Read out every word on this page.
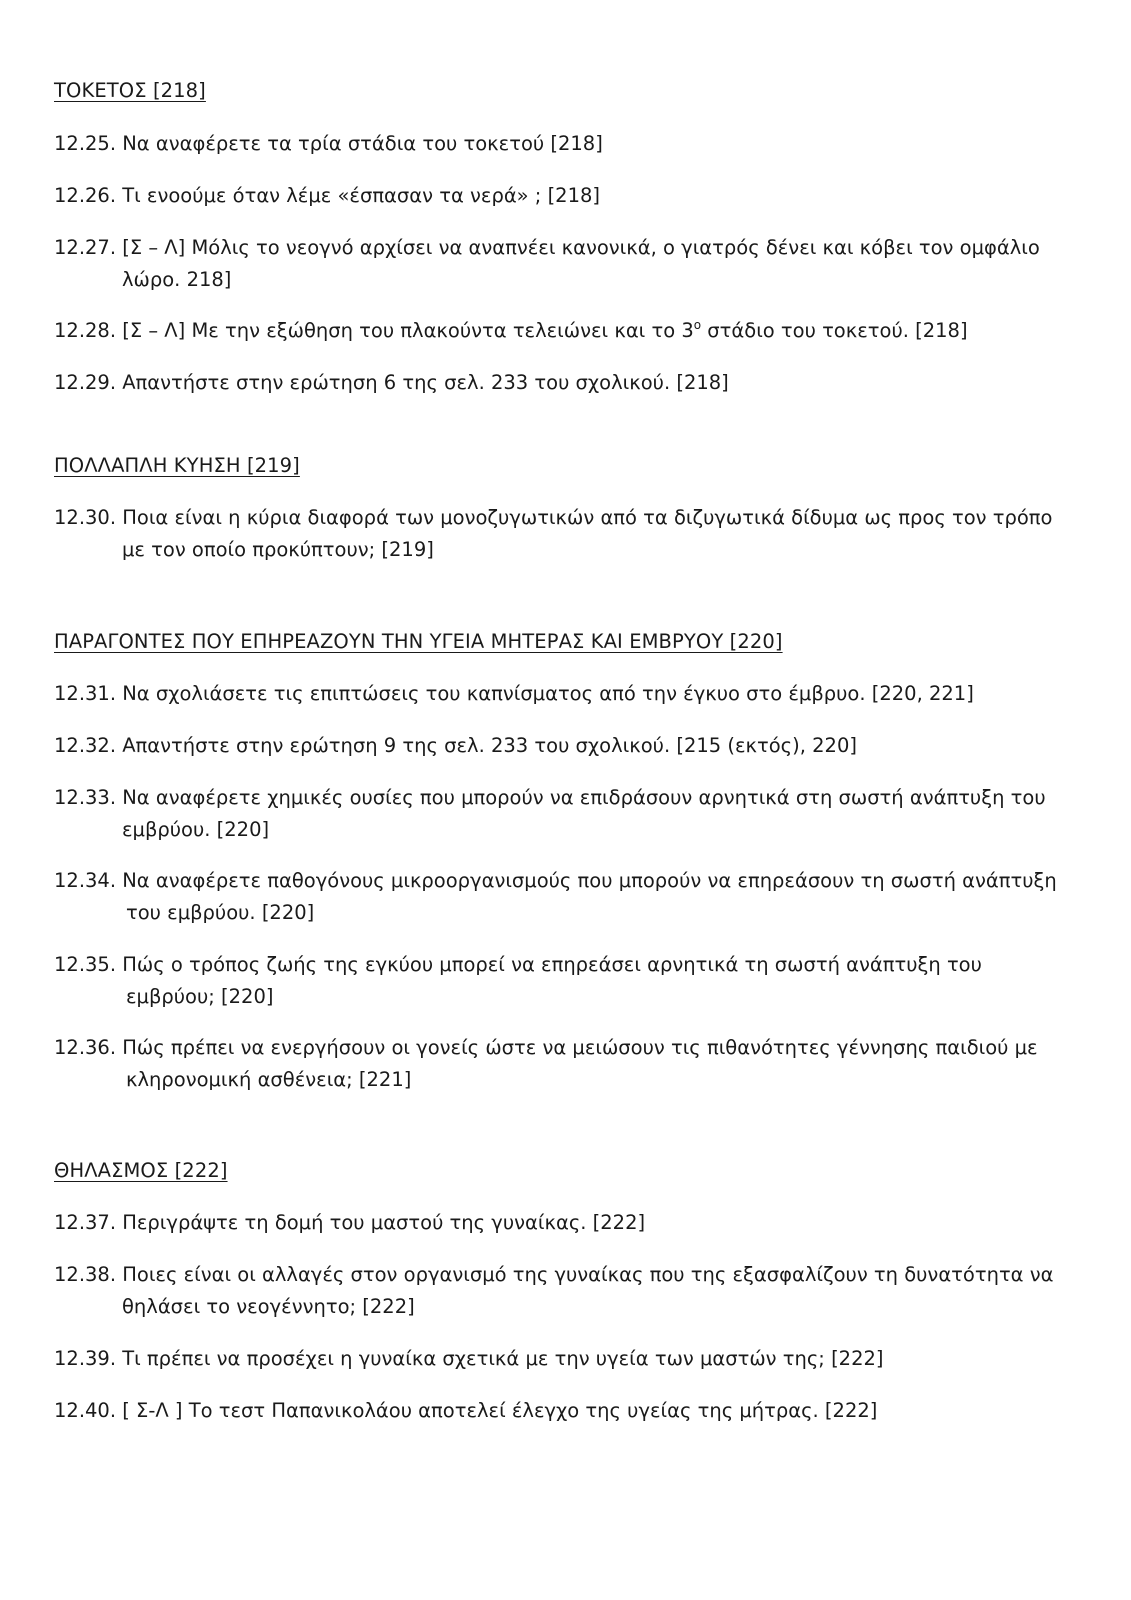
ΤΟΚΕΤΟΣ [218]
12.25. Να αναφέρετε τα τρία στάδια του τοκετού [218]
12.26. Τι ενοούμε όταν λέμε «έσπασαν τα νερά» ; [218]
12.27. [Σ – Λ] Μόλις το νεογνό αρχίσει να αναπνέει κανονικά, ο γιατρός δένει και κόβει τον ομφάλιο
λώρο. 218]
12.28. [Σ – Λ] Με την εξώθηση του πλακούντα τελειώνει και το $3^o$ στάδιο του τοκετού. [218]
12.29. Απαντήστε στην ερώτηση 6 της σελ. 233 του σχολικού. [218]
ΠΟΛΛΑΠΛΗ ΚΥΗΣΗ [219]
12.30. Ποια είναι η κύρια διαφορά των μονοζυγωτικών από τα διζυγωτικά δίδυμα ως προς τον τρόπο
με τον οποίο προκύπτουν; [219]
ΠΑΡΑΓΟΝΤΕΣ ΠΟΥ ΕΠΗΡΕΑΖΟΥΝ ΤΗΝ ΥΓΕΙΑ ΜΗΤΕΡΑΣ ΚΑΙ ΕΜΒΡΥΟΥ [220]
12.31. Να σχολιάσετε τις επιπτώσεις του καπνίσματος από την έγκυο στο έμβρυο. [220, 221]
12.32. Απαντήστε στην ερώτηση 9 της σελ. 233 του σχολικού. [215 (εκτός), 220]
12.33. Να αναφέρετε χημικές ουσίες που μπορούν να επιδράσουν αρνητικά στη σωστή ανάπτυξη του
εμβρύου. [220]
12.34. Να αναφέρετε παθογόνους μικροοργανισμούς που μπορούν να επηρεάσουν τη σωστή ανάπτυξη
του εμβρύου. [220]
12.35. Πώς ο τρόπος ζωής της εγκύου μπορεί να επηρεάσει αρνητικά τη σωστή ανάπτυξη του
εμβρύου; [220]
12.36. Πώς πρέπει να ενεργήσουν οι γονείς ώστε να μειώσουν τις πιθανότητες γέννησης παιδιού με
κληρονομική ασθένεια; [221]
ΘΗΛΑΣΜΟΣ [222]
12.37. Περιγράψτε τη δομή του μαστού της γυναίκας. [222]
12.38. Ποιες είναι οι αλλαγές στον οργανισμό της γυναίκας που της εξασφαλίζουν τη δυνατότητα να
θηλάσει το νεογέννητο; [222]
12.39. Τι πρέπει να προσέχει η γυναίκα σχετικά με την υγεία των μαστών της; [222]
12.40. [ Σ-Λ ] Το τεστ Παπανικολάου αποτελεί έλεγχο της υγείας της μήτρας. [222]
